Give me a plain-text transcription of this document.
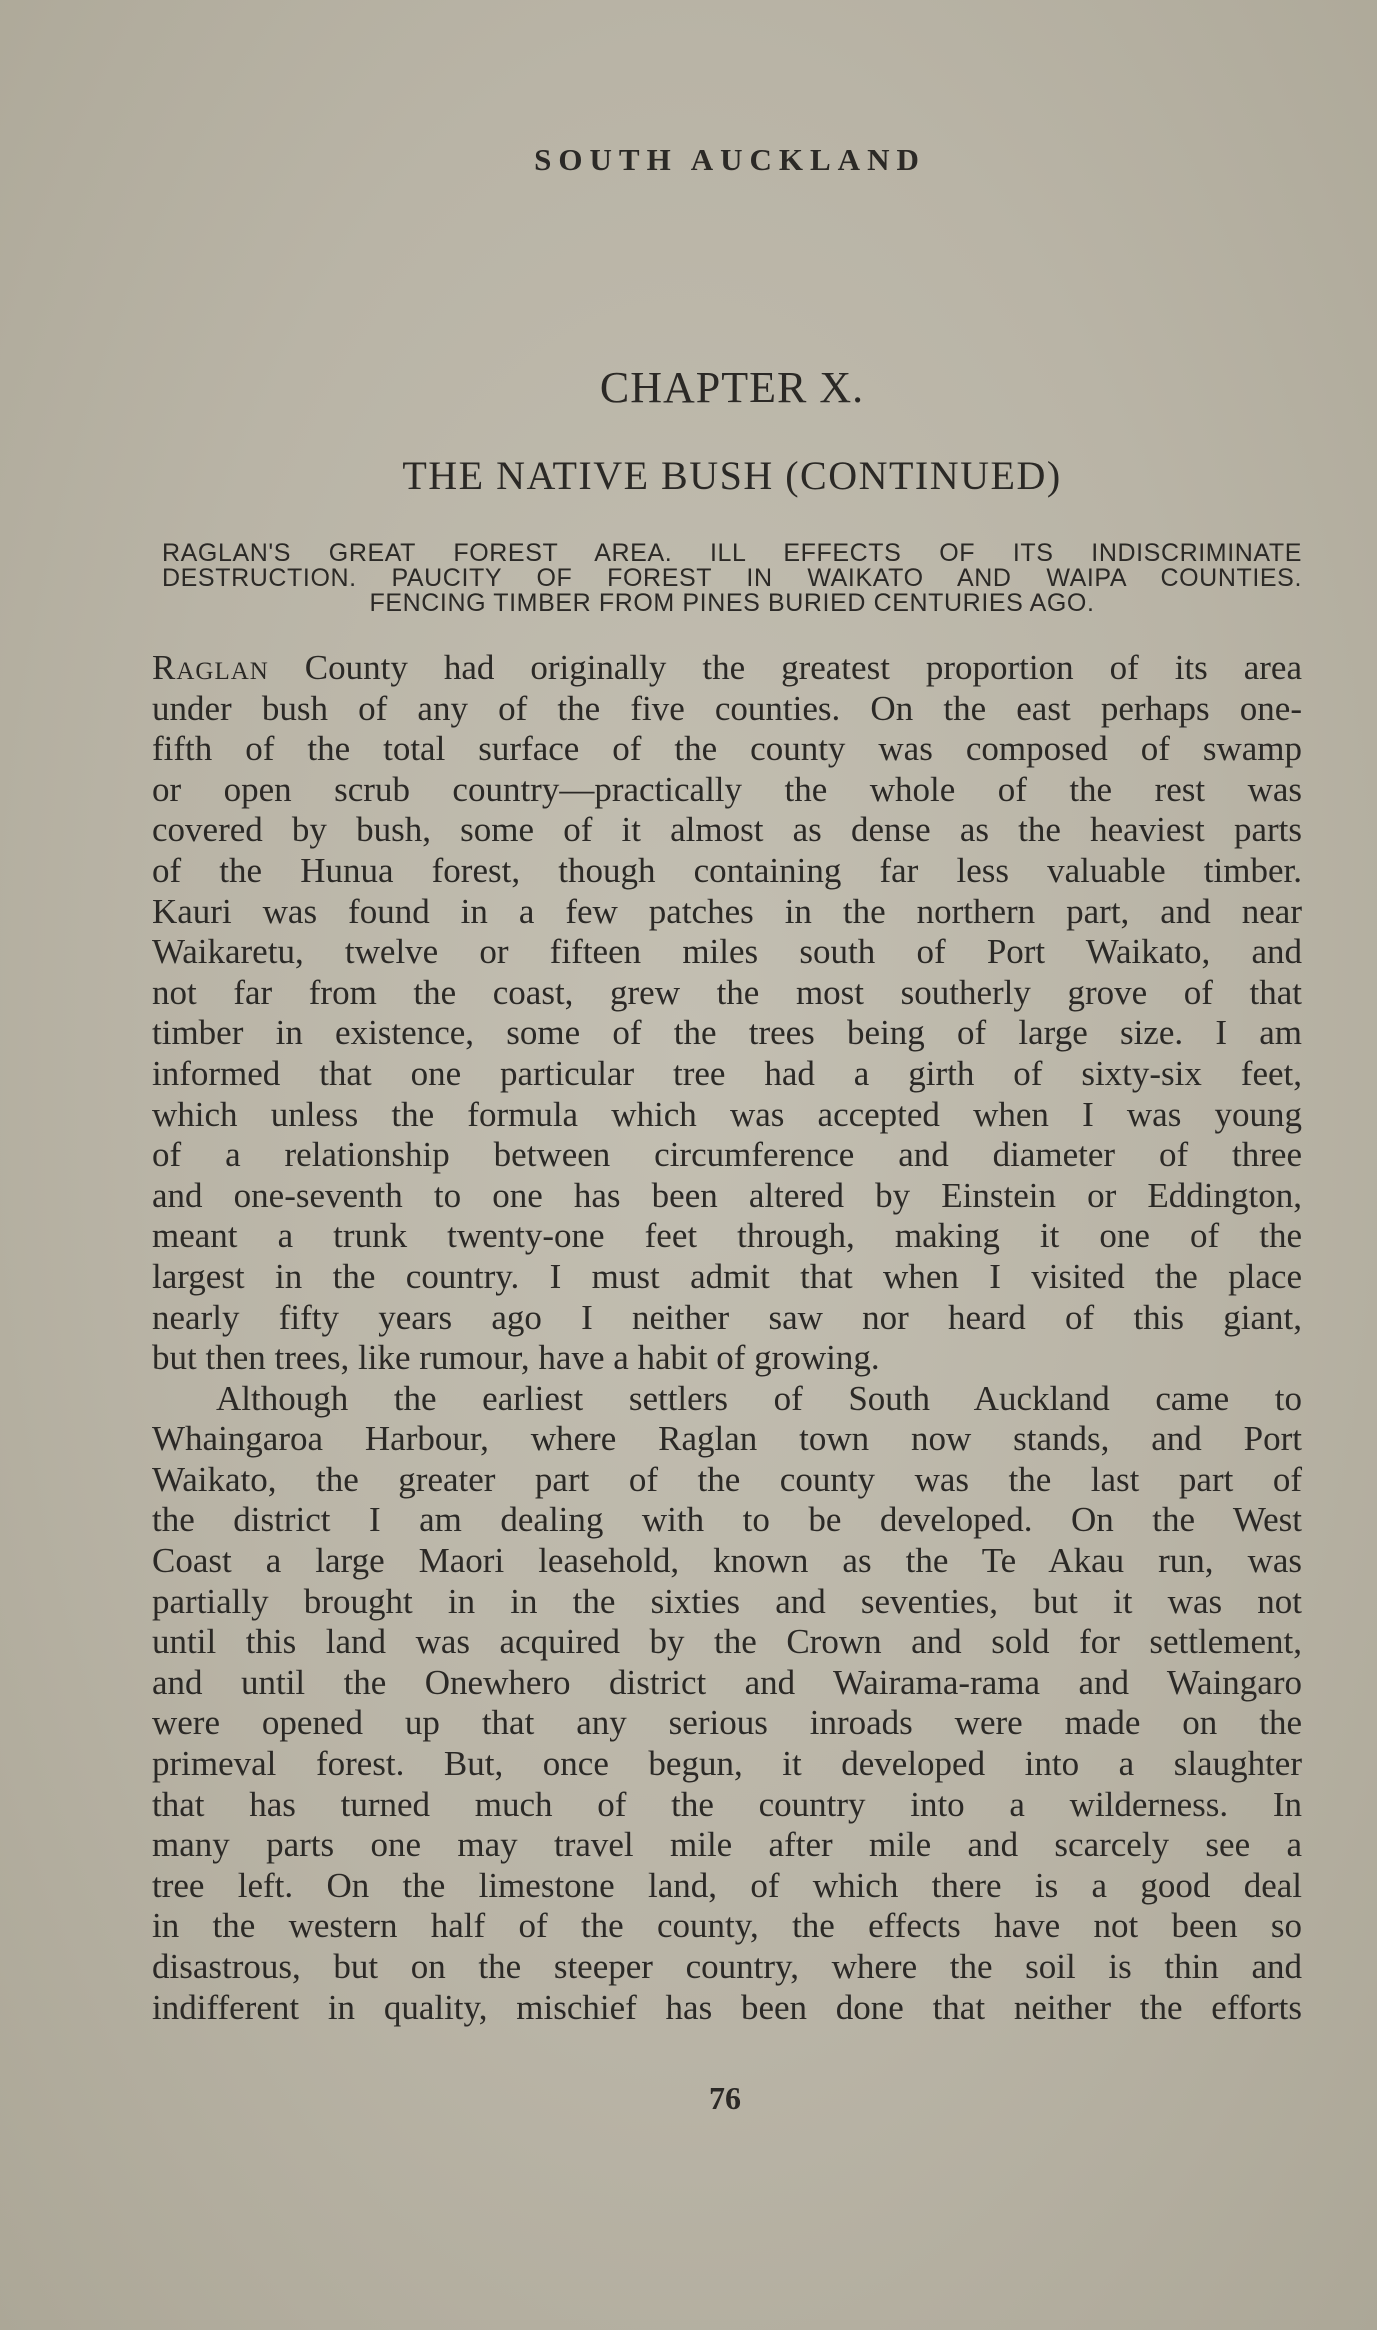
SOUTH AUCKLAND
CHAPTER X.
THE NATIVE BUSH (CONTINUED)
RAGLAN'S GREAT FOREST AREA. ILL EFFECTS OF ITS INDISCRIMINATE
DESTRUCTION. PAUCITY OF FOREST IN WAIKATO AND WAIPA COUNTIES.
FENCING TIMBER FROM PINES BURIED CENTURIES AGO.
Raglan County had originally the greatest proportion of its area
under bush of any of the five counties. On the east perhaps one-
fifth of the total surface of the county was composed of swamp
or open scrub country—practically the whole of the rest was
covered by bush, some of it almost as dense as the heaviest parts
of the Hunua forest, though containing far less valuable timber.
Kauri was found in a few patches in the northern part, and near
Waikaretu, twelve or fifteen miles south of Port Waikato, and
not far from the coast, grew the most southerly grove of that
timber in existence, some of the trees being of large size. I am
informed that one particular tree had a girth of sixty-six feet,
which unless the formula which was accepted when I was young
of a relationship between circumference and diameter of three
and one-seventh to one has been altered by Einstein or Eddington,
meant a trunk twenty-one feet through, making it one of the
largest in the country. I must admit that when I visited the place
nearly fifty years ago I neither saw nor heard of this giant,
but then trees, like rumour, have a habit of growing.
Although the earliest settlers of South Auckland came to
Whaingaroa Harbour, where Raglan town now stands, and Port
Waikato, the greater part of the county was the last part of
the district I am dealing with to be developed. On the West
Coast a large Maori leasehold, known as the Te Akau run, was
partially brought in in the sixties and seventies, but it was not
until this land was acquired by the Crown and sold for settlement,
and until the Onewhero district and Wairama-rama and Waingaro
were opened up that any serious inroads were made on the
primeval forest. But, once begun, it developed into a slaughter
that has turned much of the country into a wilderness. In
many parts one may travel mile after mile and scarcely see a
tree left. On the limestone land, of which there is a good deal
in the western half of the county, the effects have not been so
disastrous, but on the steeper country, where the soil is thin and
indifferent in quality, mischief has been done that neither the efforts
76
